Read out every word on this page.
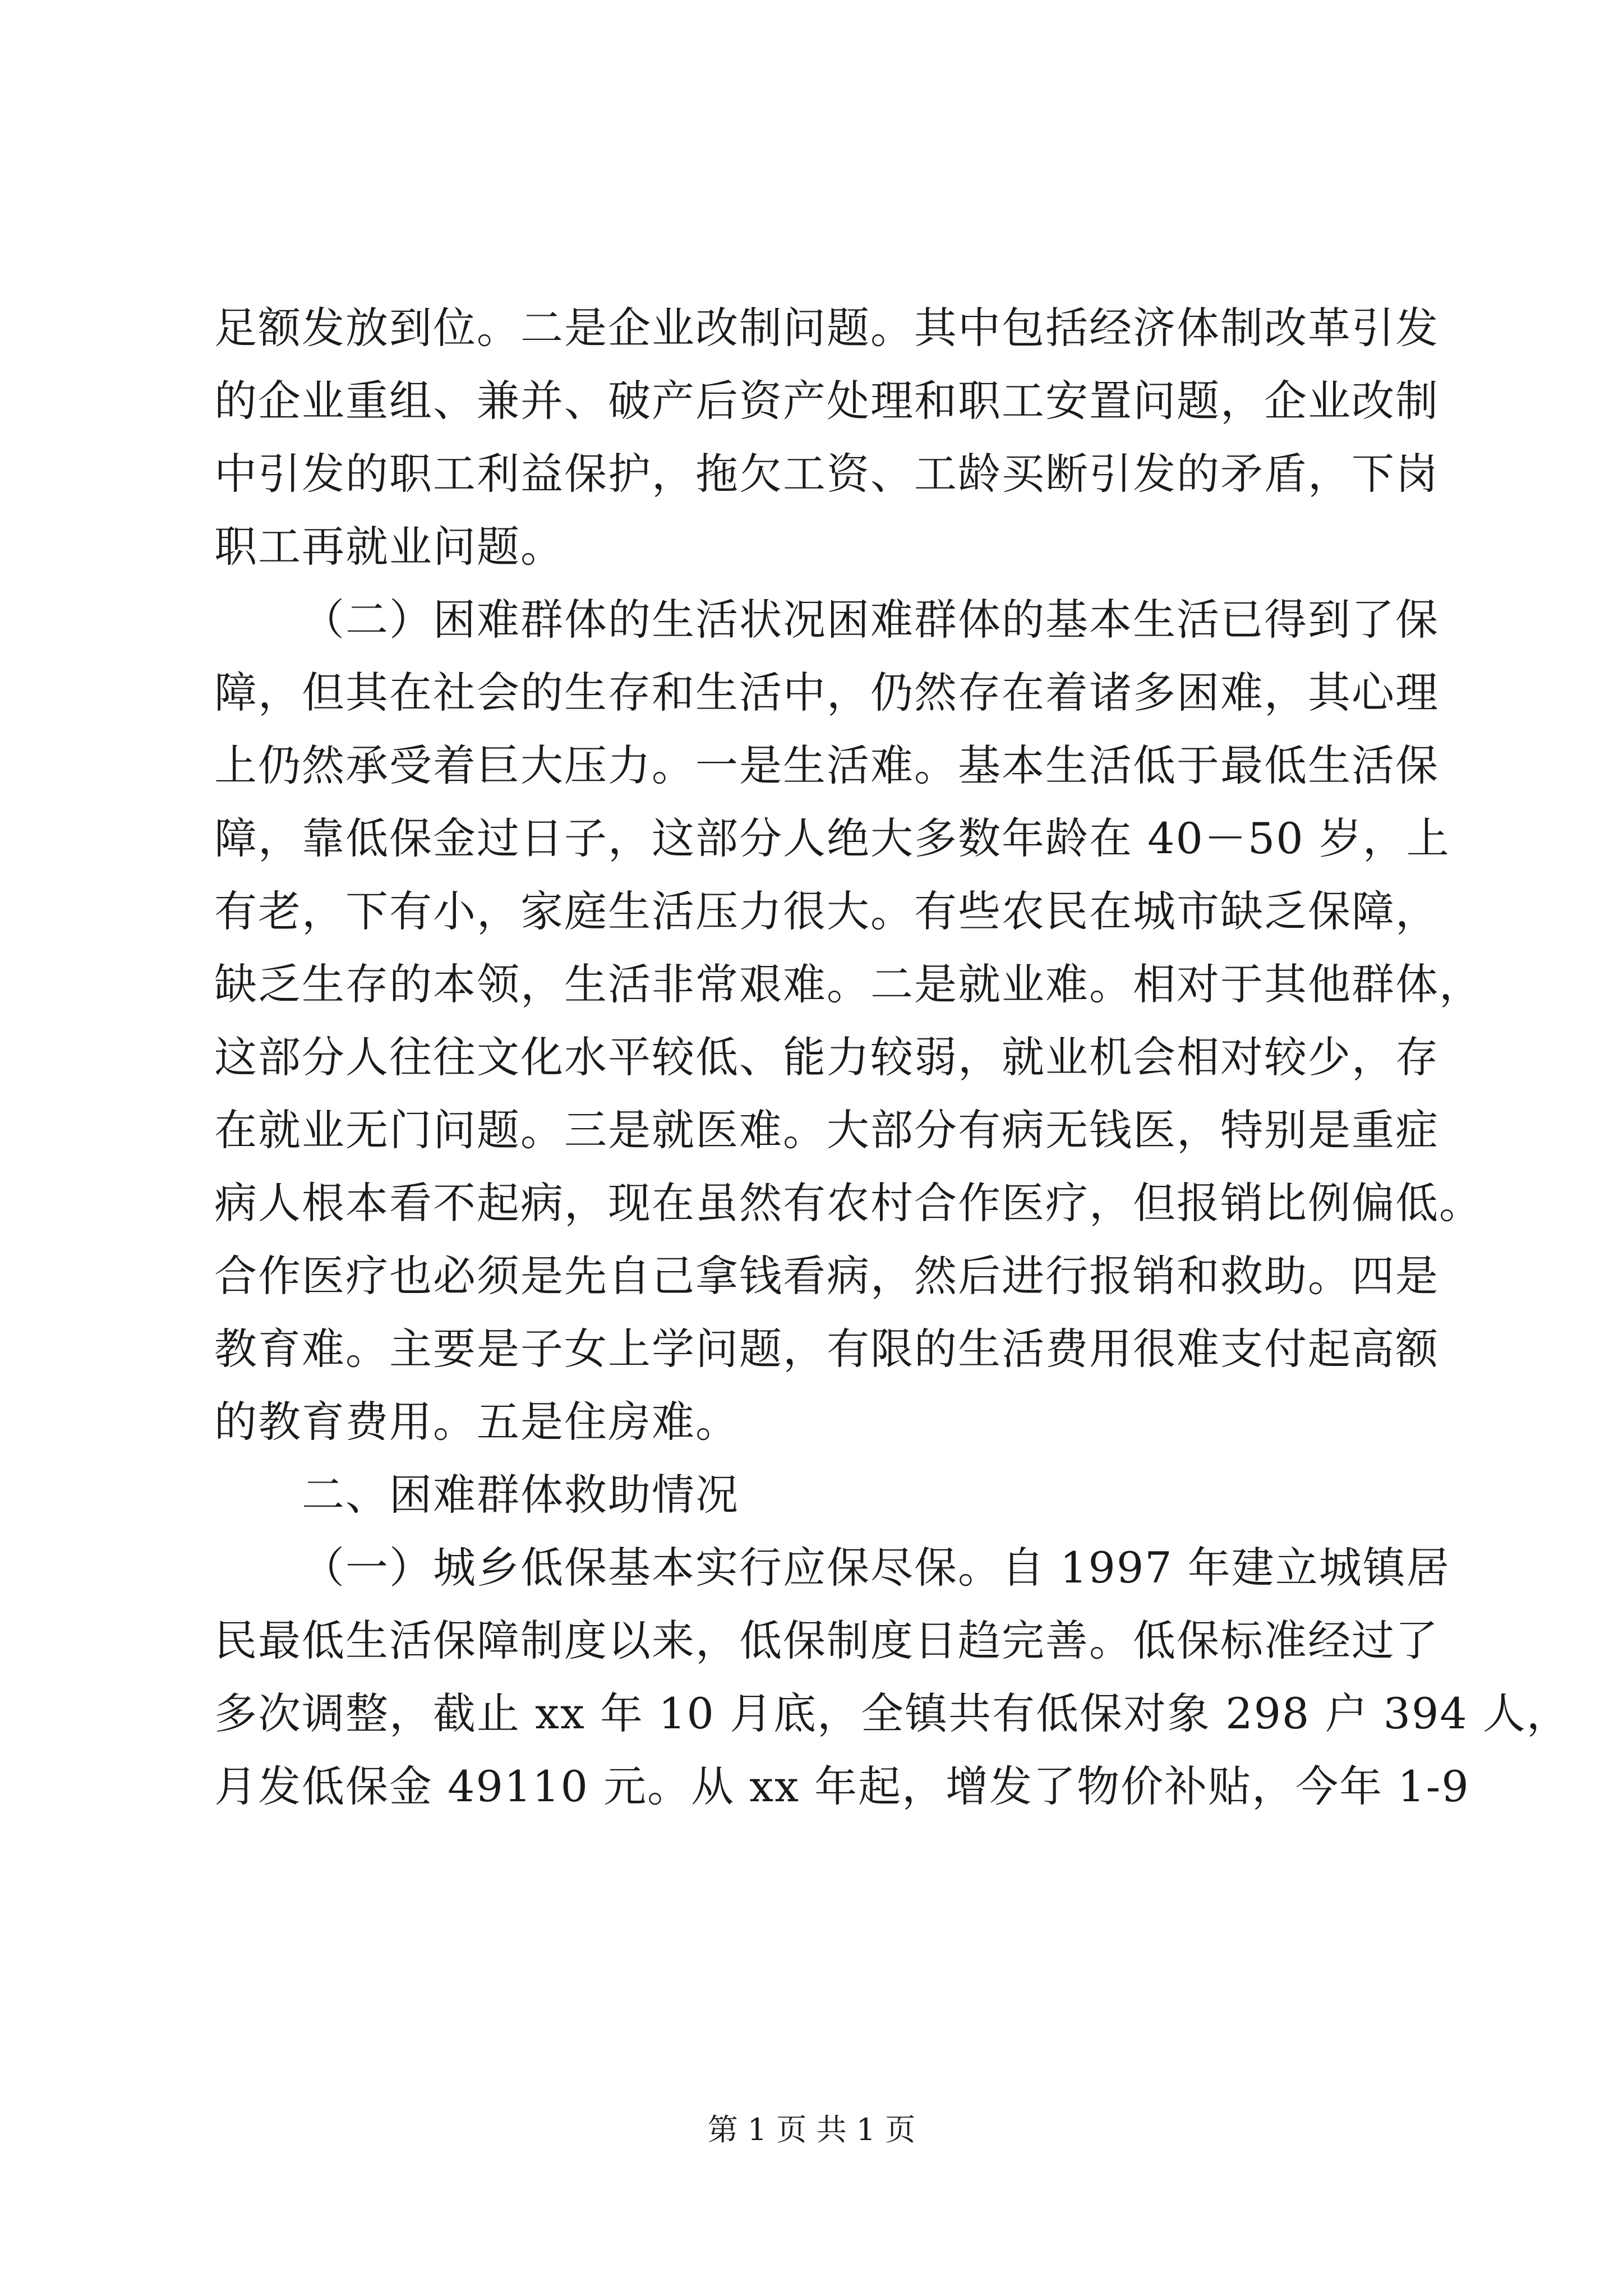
足额发放到位。二是企业改制问题。其中包括经济体制改革引发
的企业重组、兼并、破产后资产处理和职工安置问题，企业改制
中引发的职工利益保护，拖欠工资、工龄买断引发的矛盾，下岗
职工再就业问题。
（二）困难群体的生活状况困难群体的基本生活已得到了保
障，但其在社会的生存和生活中，仍然存在着诸多困难，其心理
上仍然承受着巨大压力。一是生活难。基本生活低于最低生活保
障，靠低保金过日子，这部分人绝大多数年龄在 40－50 岁，上
有老，下有小，家庭生活压力很大。有些农民在城市缺乏保障，
缺乏生存的本领，生活非常艰难。二是就业难。相对于其他群体，
这部分人往往文化水平较低、能力较弱，就业机会相对较少，存
在就业无门问题。三是就医难。大部分有病无钱医，特别是重症
病人根本看不起病，现在虽然有农村合作医疗，但报销比例偏低。
合作医疗也必须是先自己拿钱看病，然后进行报销和救助。四是
教育难。主要是子女上学问题，有限的生活费用很难支付起高额
的教育费用。五是住房难。
二、困难群体救助情况
（一）城乡低保基本实行应保尽保。自 1997 年建立城镇居
民最低生活保障制度以来，低保制度日趋完善。低保标准经过了
多次调整，截止 xx 年 10 月底，全镇共有低保对象 298 户 394 人，
月发低保金 49110 元。从 xx 年起，增发了物价补贴，今年 1-9
第 1 页 共 1 页
